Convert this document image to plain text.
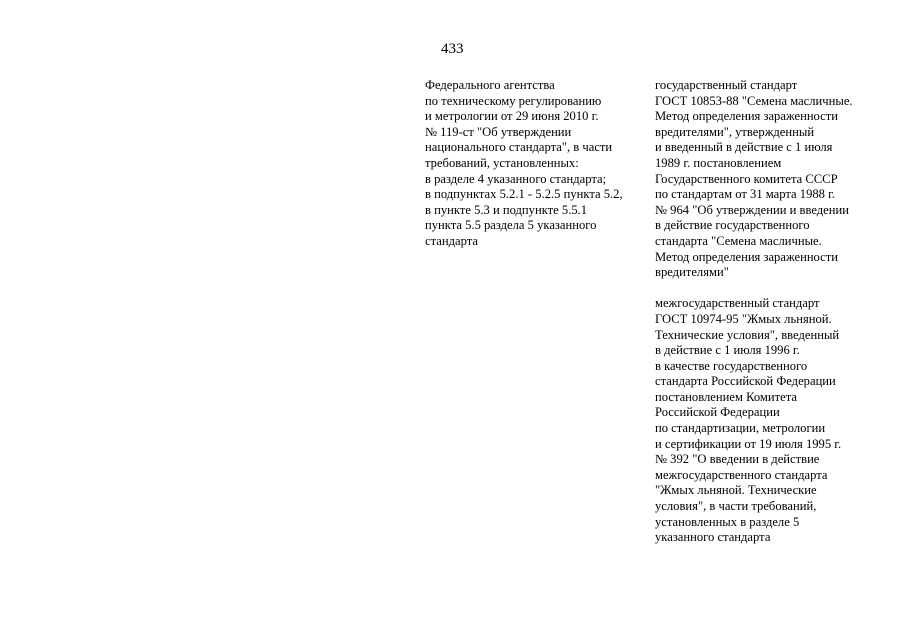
433
Федерального агентства
по техническому регулированию
и метрологии от 29 июня 2010 г.
№ 119-ст "Об утверждении
национального стандарта", в части
требований, установленных:
в разделе 4 указанного стандарта;
в подпунктах 5.2.1 - 5.2.5 пункта 5.2,
в пункте 5.3 и подпункте 5.5.1
пункта 5.5 раздела 5 указанного
стандарта
государственный стандарт
ГОСТ 10853-88 "Семена масличные.
Метод определения зараженности
вредителями", утвержденный
и введенный в действие с 1 июля
1989 г. постановлением
Государственного комитета СССР
по стандартам от 31 марта 1988 г.
№ 964 "Об утверждении и введении
в действие государственного
стандарта "Семена масличные.
Метод определения зараженности
вредителями"
межгосударственный стандарт
ГОСТ 10974-95 "Жмых льняной.
Технические условия", введенный
в действие с 1 июля 1996 г.
в качестве государственного
стандарта Российской Федерации
постановлением Комитета
Российской Федерации
по стандартизации, метрологии
и сертификации от 19 июля 1995 г.
№ 392 "О введении в действие
межгосударственного стандарта
"Жмых льняной. Технические
условия", в части требований,
установленных в разделе 5
указанного стандарта
